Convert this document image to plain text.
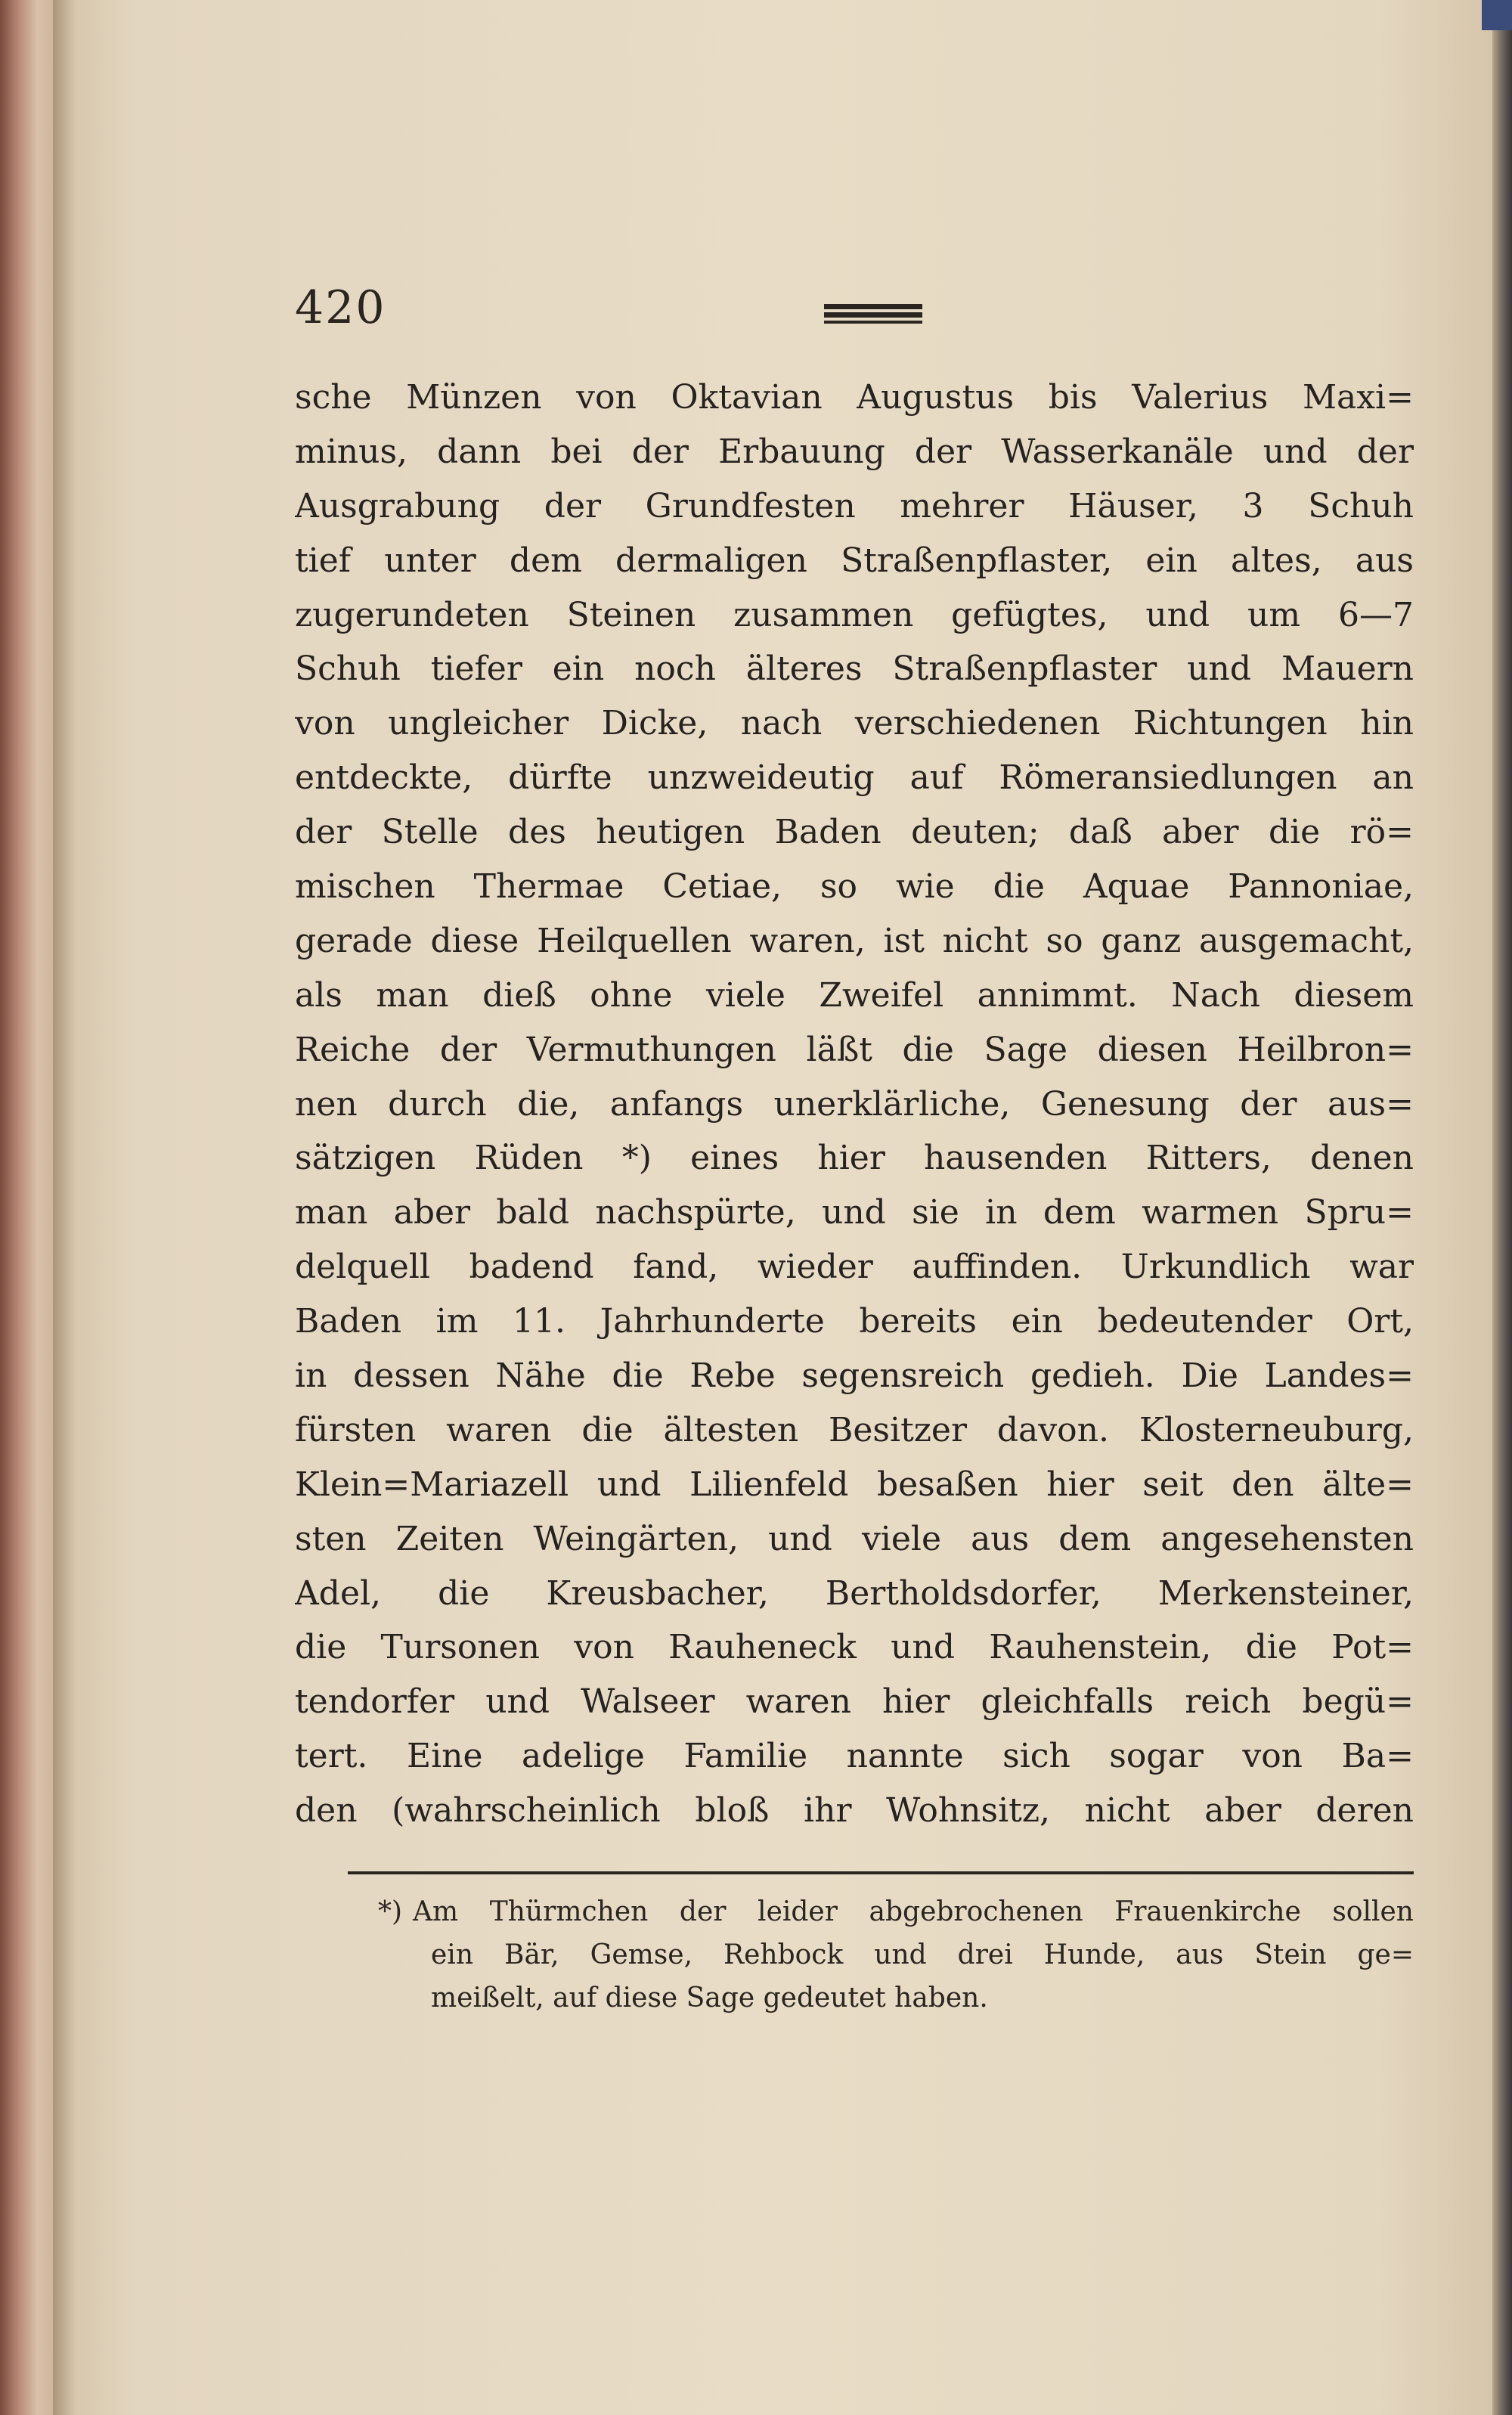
420
sche Münzen von Oktavian Augustus bis Valerius Maxi=
minus, dann bei der Erbauung der Wasserkanäle und der
Ausgrabung der Grundfesten mehrer Häuser, 3 Schuh
tief unter dem dermaligen Straßenpflaster, ein altes, aus
zugerundeten Steinen zusammen gefügtes, und um 6—7
Schuh tiefer ein noch älteres Straßenpflaster und Mauern
von ungleicher Dicke, nach verschiedenen Richtungen hin
entdeckte, dürfte unzweideutig auf Römeransiedlungen an
der Stelle des heutigen Baden deuten; daß aber die rö=
mischen Thermae Cetiae, so wie die Aquae Pannoniae,
gerade diese Heilquellen waren, ist nicht so ganz ausgemacht,
als man dieß ohne viele Zweifel annimmt. Nach diesem
Reiche der Vermuthungen läßt die Sage diesen Heilbron=
nen durch die, anfangs unerklärliche, Genesung der aus=
sätzigen Rüden *) eines hier hausenden Ritters, denen
man aber bald nachspürte, und sie in dem warmen Spru=
delquell badend fand, wieder auffinden. Urkundlich war
Baden im 11. Jahrhunderte bereits ein bedeutender Ort,
in dessen Nähe die Rebe segensreich gedieh. Die Landes=
fürsten waren die ältesten Besitzer davon. Klosterneuburg,
Klein=Mariazell und Lilienfeld besaßen hier seit den älte=
sten Zeiten Weingärten, und viele aus dem angesehensten
Adel, die Kreusbacher, Bertholdsdorfer, Merkensteiner,
die Tursonen von Rauheneck und Rauhenstein, die Pot=
tendorfer und Walseer waren hier gleichfalls reich begü=
tert. Eine adelige Familie nannte sich sogar von Ba=
den (wahrscheinlich bloß ihr Wohnsitz, nicht aber deren
*) Am Thürmchen der leider abgebrochenen Frauenkirche sollen
ein Bär, Gemse, Rehbock und drei Hunde, aus Stein ge=
meißelt, auf diese Sage gedeutet haben.
